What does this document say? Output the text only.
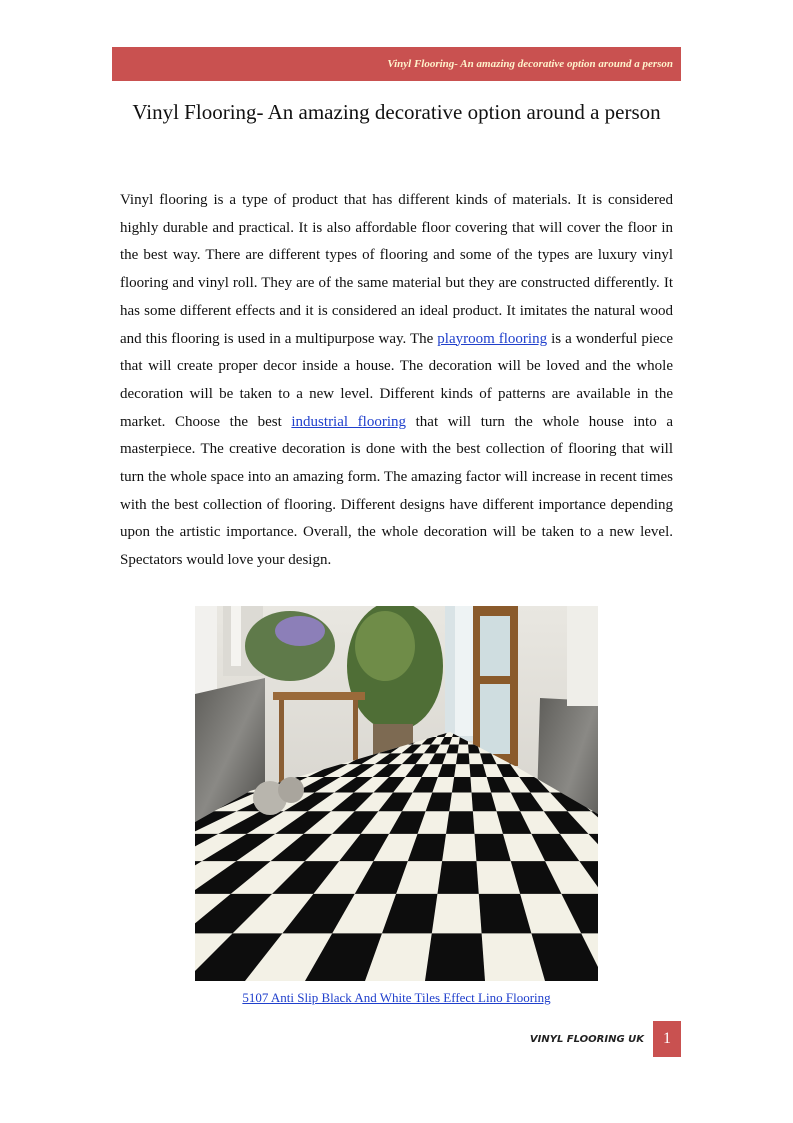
Vinyl Flooring- An amazing decorative option around a person
Vinyl Flooring- An amazing decorative option around a person

Vinyl flooring is a type of product that has different kinds of materials. It is considered highly durable and practical. It is also affordable floor covering that will cover the floor in the best way. There are different types of flooring and some of the types are luxury vinyl flooring and vinyl roll. They are of the same material but they are constructed differently. It has some different effects and it is considered an ideal product. It imitates the natural wood and this flooring is used in a multipurpose way. The playroom flooring is a wonderful piece that will create proper decor inside a house. The decoration will be loved and the whole decoration will be taken to a new level. Different kinds of patterns are available in the market. Choose the best industrial flooring that will turn the whole house into a masterpiece. The creative decoration is done with the best collection of flooring that will turn the whole space into an amazing form. The amazing factor will increase in recent times with the best collection of flooring. Different designs have different importance depending upon the artistic importance. Overall, the whole decoration will be taken to a new level. Spectators would love your design.

5107 Anti Slip Black And White Tiles Effect Lino Flooring
VINYL FLOORING UK	1
